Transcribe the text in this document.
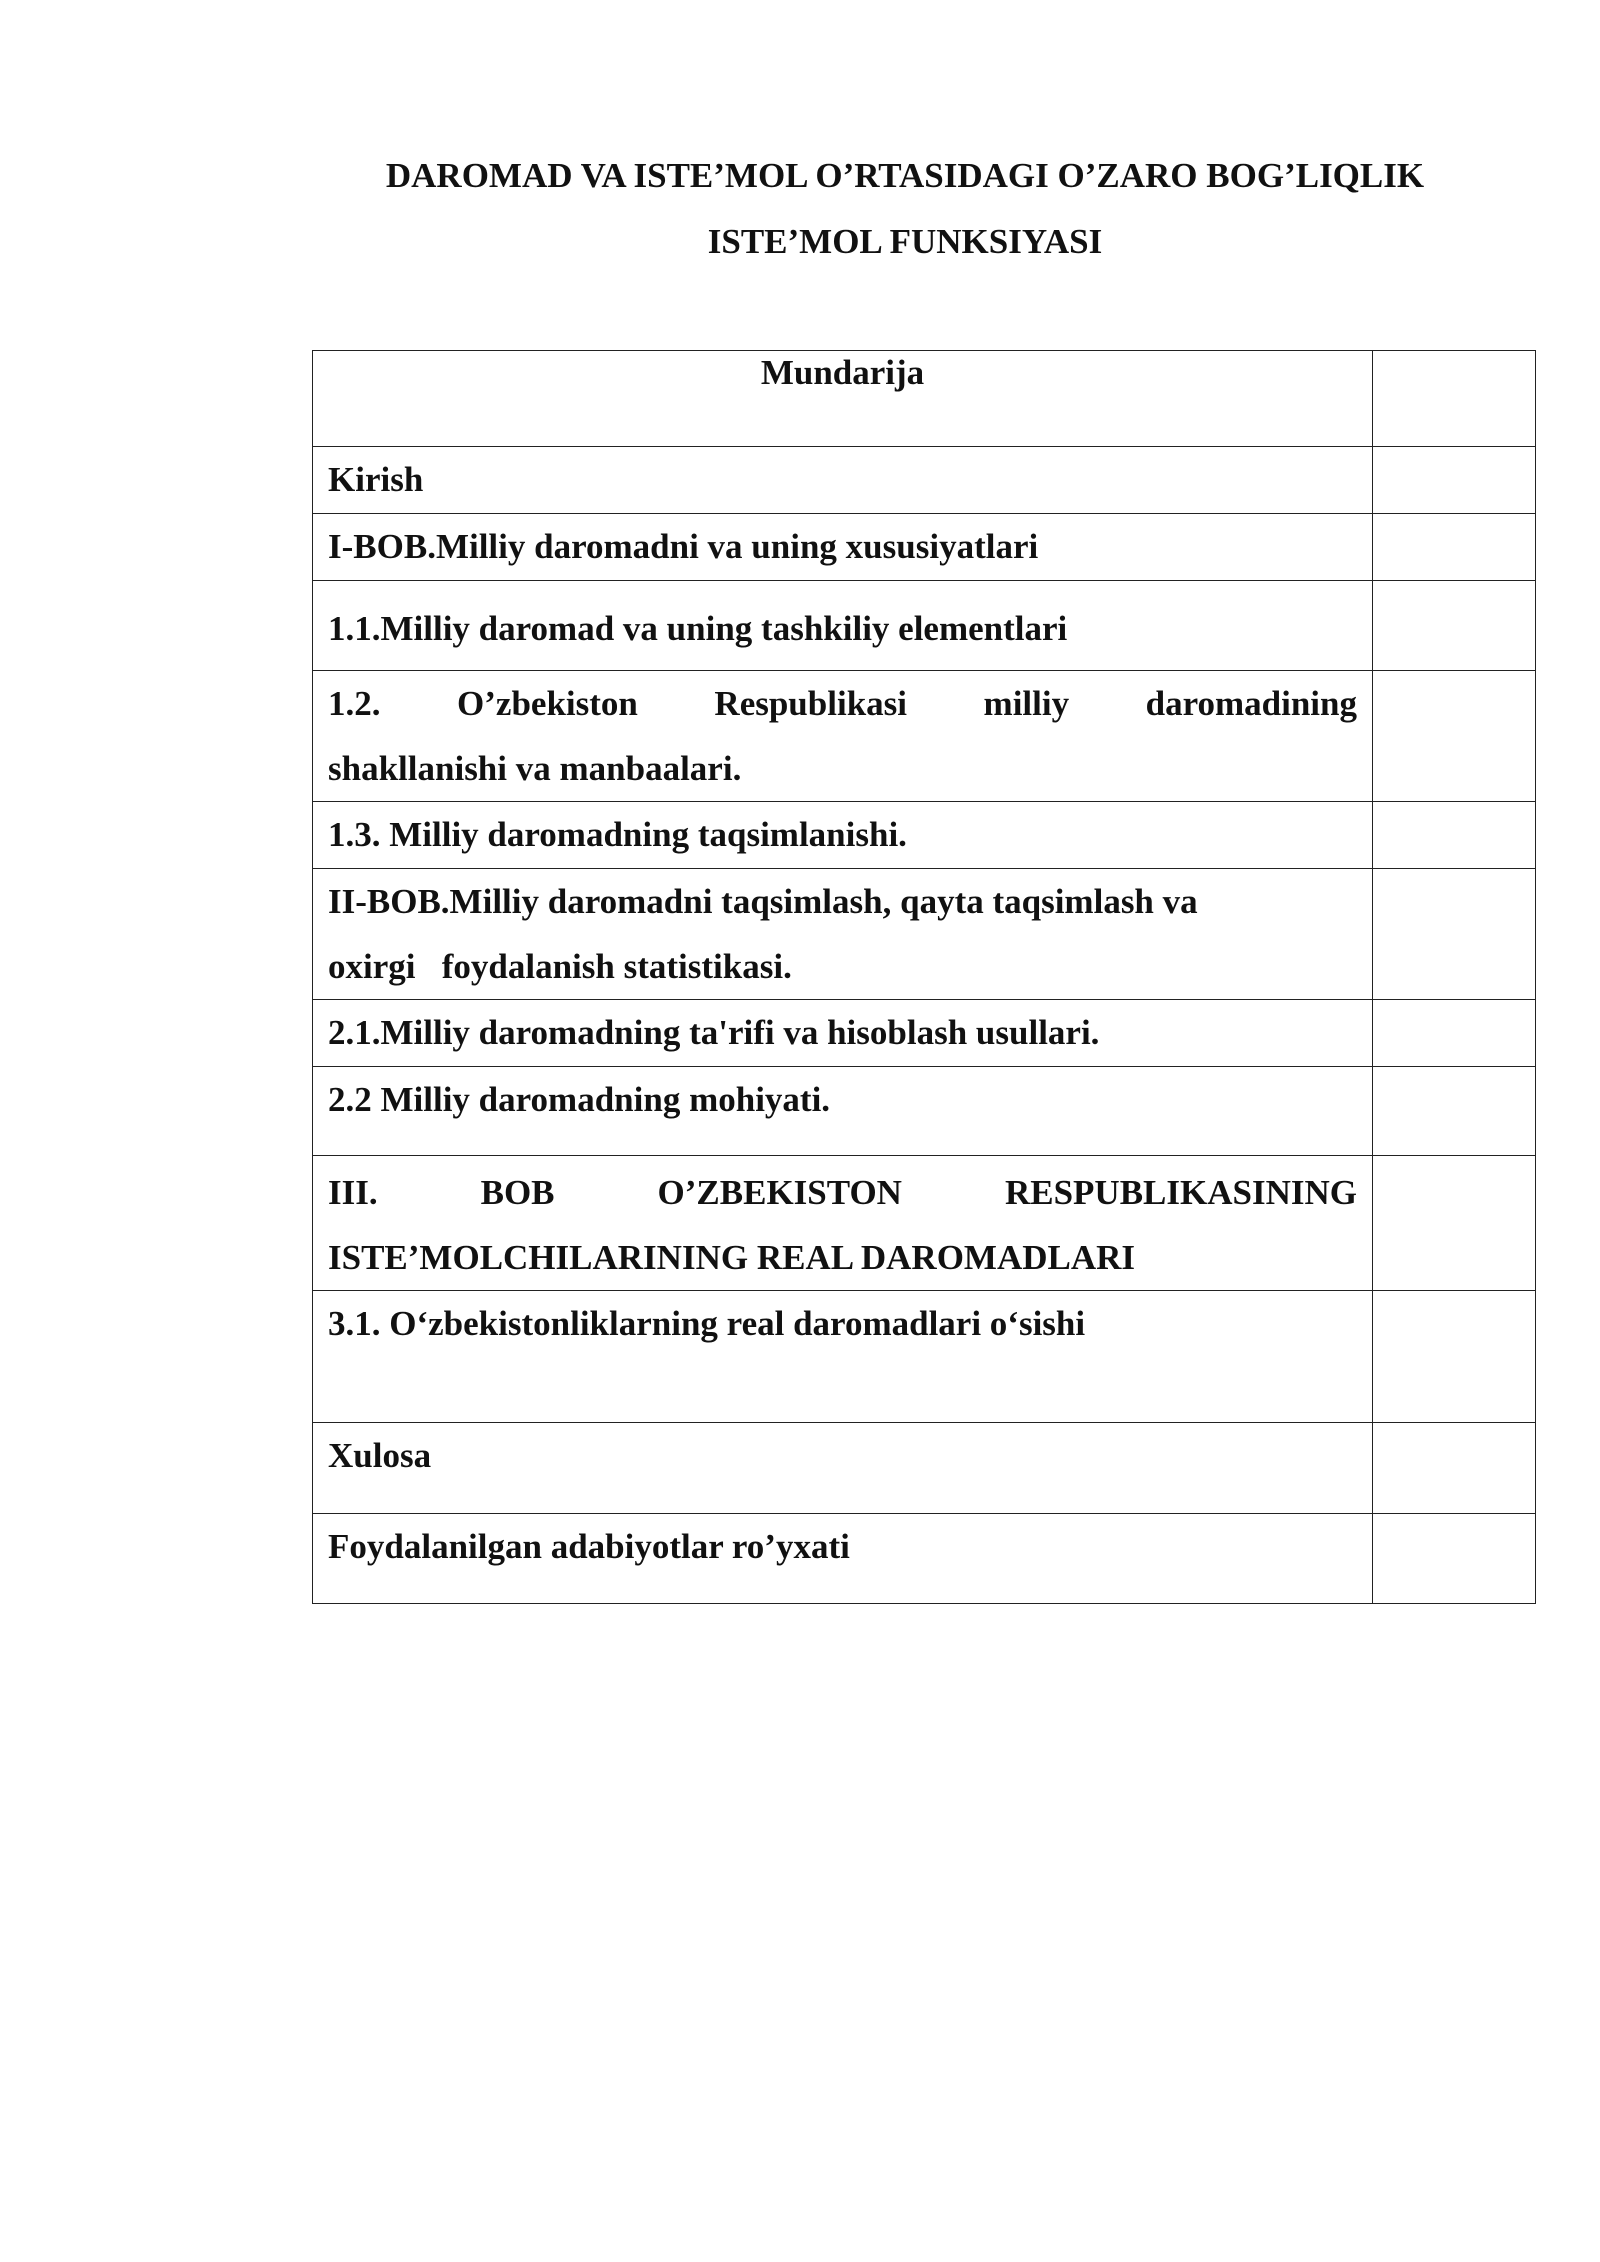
DAROMAD VA ISTE’MOL O’RTASIDAGI O’ZARO BOG’LIQLIK
ISTE’MOL FUNKSIYASI
Mundarija	

Kirish	

I-BOB.Milliy daromadni va uning xususiyatlari	

1.1.Milliy daromad va uning tashkiliy elementlari	

1.2. O’zbekiston Respublikasi milliy daromadining
shakllanishi va manbaalari.	

1.3. Milliy daromadning taqsimlanishi.	

II-BOB.Milliy daromadni taqsimlash, qayta taqsimlash va
oxirgi   foydalanish statistikasi.	

2.1.Milliy daromadning ta'rifi va hisoblash usullari.	

2.2 Milliy daromadning mohiyati.	

III. BOB O’ZBEKISTON RESPUBLIKASINING
ISTE’MOLCHILARINING REAL DAROMADLARI	

3.1. O‘zbekistonliklarning real daromadlari o‘sishi	

Xulosa	

Foydalanilgan adabiyotlar ro’yxati	
